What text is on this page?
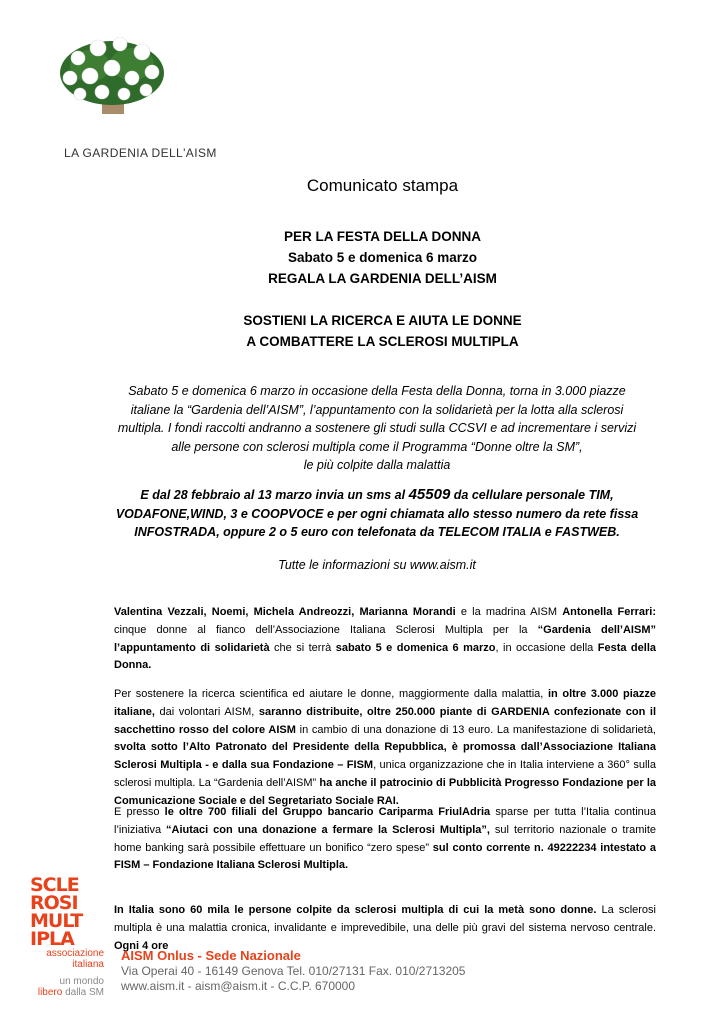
LA GARDENIA DELL'AISM
Comunicato stampa
PER LA FESTA DELLA DONNA
Sabato 5 e domenica 6 marzo
REGALA LA GARDENIA DELL’AISM
SOSTIENI LA RICERCA E AIUTA LE DONNE
A COMBATTERE LA SCLEROSI MULTIPLA
Sabato 5 e domenica 6 marzo in occasione della Festa della Donna, torna in 3.000 piazze italiane la “Gardenia dell’AISM”, l’appuntamento con la solidarietà per la lotta alla sclerosi multipla. I fondi raccolti andranno a sostenere gli studi sulla CCSVI e ad incrementare i servizi alle persone con sclerosi multipla come il Programma “Donne oltre la SM”,
le più colpite dalla malattia
E dal 28 febbraio al 13 marzo invia un sms al 45509 da cellulare personale TIM, VODAFONE,WIND, 3 e COOPVOCE e per ogni chiamata allo stesso numero da rete fissa INFOSTRADA, oppure 2 o 5 euro con telefonata da TELECOM ITALIA e FASTWEB.
Tutte le informazioni su www.aism.it
Valentina Vezzali, Noemi, Michela Andreozzi, Marianna Morandi e la madrina AISM Antonella Ferrari: cinque donne al fianco dell’Associazione Italiana Sclerosi Multipla per la “Gardenia dell’AISM” l’appuntamento di solidarietà che si terrà sabato 5 e domenica 6 marzo, in occasione della Festa della Donna.
Per sostenere la ricerca scientifica ed aiutare le donne, maggiormente dalla malattia, in oltre 3.000 piazze italiane, dai volontari AISM, saranno distribuite, oltre 250.000 piante di GARDENIA confezionate con il sacchettino rosso del colore AISM in cambio di una donazione di 13 euro. La manifestazione di solidarietà, svolta sotto l’Alto Patronato del Presidente della Repubblica, è promossa dall’Associazione Italiana Sclerosi Multipla - e dalla sua Fondazione – FISM, unica organizzazione che in Italia interviene a 360° sulla sclerosi multipla. La “Gardenia dell’AISM” ha anche il patrocinio di Pubblicità Progresso Fondazione per la Comunicazione Sociale e del Segretariato Sociale RAI.
E presso le oltre 700 filiali del Gruppo bancario Cariparma FriulAdria sparse per tutta l’Italia continua l’iniziativa “Aiutaci con una donazione a fermare la Sclerosi Multipla”, sul territorio nazionale o tramite home banking sarà possibile effettuare un bonifico “zero spese” sul conto corrente n. 49222234 intestato a FISM – Fondazione Italiana Sclerosi Multipla.
In Italia sono 60 mila le persone colpite da sclerosi multipla di cui la metà sono donne. La sclerosi multipla è una malattia cronica, invalidante e imprevedibile, una delle più gravi del sistema nervoso centrale. Ogni 4 ore
SCLE
ROSI
MULT
IPLA
associazione
italiana
un mondo
libero dalla SM
AISM Onlus - Sede Nazionale
Via Operai 40 - 16149 Genova Tel. 010/27131 Fax. 010/2713205
www.aism.it - aism@aism.it - C.C.P. 670000
